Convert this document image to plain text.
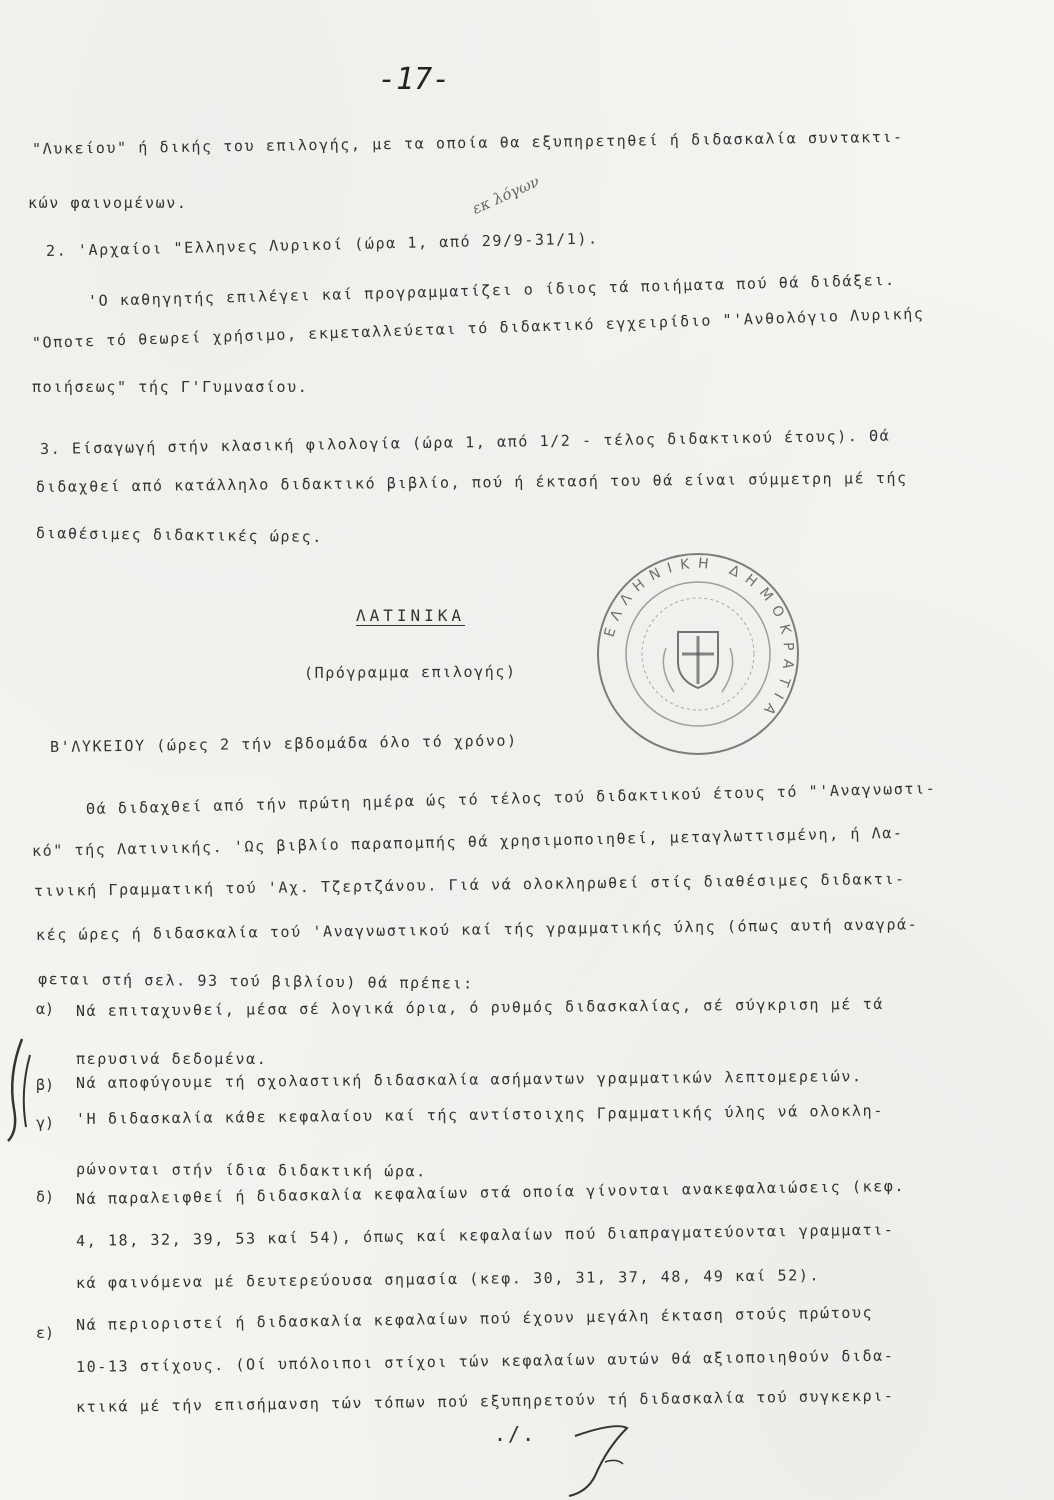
-17-
εκ λόγων
"Λυκείου" ή δικής του επιλογής, με τα οποία θα εξυπηρετηθεί ή διδασκαλία συντακτι-
κών φαινομένων.
2. 'Αρχαίοι "Ελληνες Λυρικοί (ώρα 1, από 29/9-31/1).
'Ο καθηγητής επιλέγει καί προγραμματίζει ο ίδιος τά ποιήματα πού θά διδάξει.
"Οποτε τό θεωρεί χρήσιμο, εκμεταλλεύεται τό διδακτικό εγχειρίδιο "'Ανθολόγιο Λυρικής
ποιήσεως" τής Γ'Γυμνασίου.
3. Είσαγωγή στήν κλασική φιλολογία (ώρα 1, από 1/2 - τέλος διδακτικού έτους). Θά
διδαχθεί από κατάλληλο διδακτικό βιβλίο, πού ή έκτασή του θά είναι σύμμετρη μέ τής
διαθέσιμες διδακτικές ώρες.
ΕΛΛΗΝΙΚΗ ΔΗΜΟΚΡΑΤΙΑ
ΛΑΤΙΝΙΚΑ
(Πρόγραμμα επιλογής)
Β'ΛΥΚΕΙΟΥ (ώρες 2 τήν εβδομάδα όλο τό χρόνο)
Θά διδαχθεί από τήν πρώτη ημέρα ώς τό τέλος τού διδακτικού έτους τό "'Αναγνωστι-
κό" τής Λατινικής. 'Ως βιβλίο παραπομπής θά χρησιμοποιηθεί, μεταγλωττισμένη, ή Λα-
τινική Γραμματική τού 'Αχ. Τζερτζάνου. Γιά νά ολοκληρωθεί στίς διαθέσιμες διδακτι-
κές ώρες ή διδασκαλία τού 'Αναγνωστικού καί τής γραμματικής ύλης (όπως αυτή αναγρά-
φεται στή σελ. 93 τού βιβλίου) θά πρέπει:
α) Νά επιταχυνθεί, μέσα σέ λογικά όρια, ό ρυθμός διδασκαλίας, σέ σύγκριση μέ τά
περυσινά δεδομένα.
β) Νά αποφύγουμε τή σχολαστική διδασκαλία ασήμαντων γραμματικών λεπτομερειών.
γ) 'Η διδασκαλία κάθε κεφαλαίου καί τής αντίστοιχης Γραμματικής ύλης νά ολοκλη-
ρώνονται στήν ίδια διδακτική ώρα.
δ) Νά παραλειφθεί ή διδασκαλία κεφαλαίων στά οποία γίνονται ανακεφαλαιώσεις (κεφ.
4, 18, 32, 39, 53 καί 54), όπως καί κεφαλαίων πού διαπραγματεύονται γραμματι-
κά φαινόμενα μέ δευτερεύουσα σημασία (κεφ. 30, 31, 37, 48, 49 καί 52).
ε) Νά περιοριστεί ή διδασκαλία κεφαλαίων πού έχουν μεγάλη έκταση στούς πρώτους
10-13 στίχους. (Οί υπόλοιποι στίχοι τών κεφαλαίων αυτών θά αξιοποιηθούν διδα-
κτικά μέ τήν επισήμανση τών τόπων πού εξυπηρετούν τή διδασκαλία τού συγκεκρι-
./.
